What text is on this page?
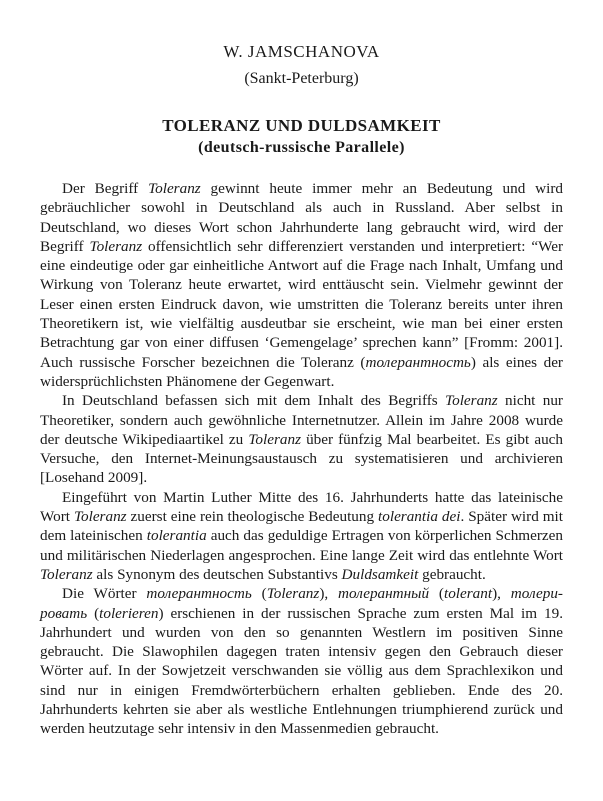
W. JAMSCHANOVA

(Sankt-Peterburg)

TOLERANZ UND DULDSAMKEIT

(deutsch-russische Parallele)

Der Begriff Toleranz gewinnt heute immer mehr an Bedeutung und wird gebräuchlicher sowohl in Deutschland als auch in Russland. Aber selbst in Deutschland, wo dieses Wort schon Jahrhunderte lang gebraucht wird, wird der Begriff Toleranz offensichtlich sehr differenziert verstanden und interpretiert: “Wer eine eindeutige oder gar einheitliche Antwort auf die Frage nach Inhalt, Umfang und Wirkung von Toleranz heute erwartet, wird enttäuscht sein. Vielmehr gewinnt der Leser einen ersten Eindruck davon, wie umstritten die Toleranz bereits unter ihren Theoretikern ist, wie vielfältig ausdeutbar sie erscheint, wie man bei einer ersten Betrachtung gar von einer diffusen ‘Gemengelage’ sprechen kann” [Fromm: 2001]. Auch russische Forscher bezeichnen die Toleranz (толерантность) als eines der widersprüchlichsten Phänomene der Gegenwart.

In Deutschland befassen sich mit dem Inhalt des Begriffs Toleranz nicht nur Theoretiker, sondern auch gewöhnliche Internetnutzer. Allein im Jahre 2008 wurde der deutsche Wikipediaartikel zu Toleranz über fünfzig Mal bearbeitet. Es gibt auch Versuche, den Internet-Meinungsaustausch zu systematisieren und archivieren [Losehand 2009].

Eingeführt von Martin Luther Mitte des 16. Jahrhunderts hatte das lateinische Wort Toleranz zuerst eine rein theologische Bedeutung tolerantia dei. Später wird mit dem lateinischen tolerantia auch das geduldige Ertragen von körperlichen Schmerzen und militärischen Niederlagen angesprochen. Eine lange Zeit wird das entlehnte Wort Toleranz als Synonym des deutschen Substantivs Duldsamkeit gebraucht.

Die Wörter толерантность (Toleranz), толерантный (tolerant), толерировать (tolerieren) erschienen in der russischen Sprache zum ersten Mal im 19. Jahrhundert und wurden von den so genannten Westlern im positiven Sinne gebraucht. Die Slawophilen dagegen traten intensiv gegen den Gebrauch dieser Wörter auf. In der Sowjetzeit verschwanden sie völlig aus dem Sprachlexikon und sind nur in einigen Fremdwörterbüchern erhalten geblieben. Ende des 20. Jahrhunderts kehrten sie aber als westliche Entlehnungen triumphierend zurück und werden heutzutage sehr intensiv in den Massenmedien gebraucht.
